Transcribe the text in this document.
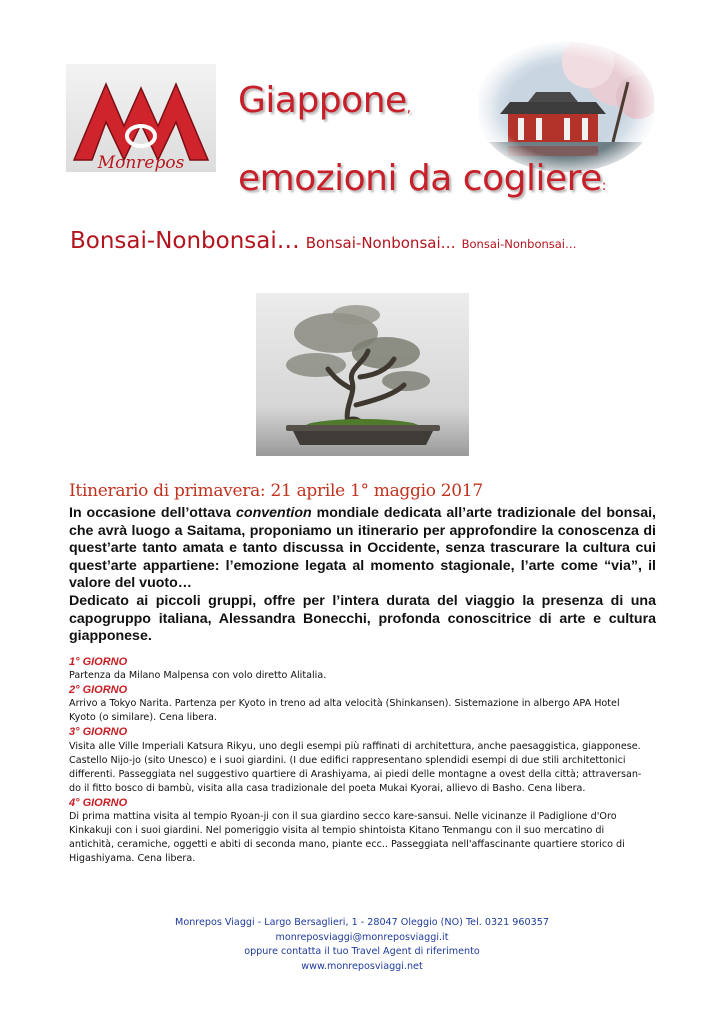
Monrepos
Giappone,
emozioni da cogliere:
Bonsai-Nonbonsai… Bonsai-Nonbonsai… Bonsai-Nonbonsai…
Itinerario di primavera: 21 aprile 1° maggio 2017

In occasione dell’ottava convention mondiale dedicata all’arte tradizionale del bonsai, che avrà luogo a Saitama, proponiamo un itinerario per approfondire la conoscenza di quest’arte tanto amata e tanto discussa in Occidente, senza trascurare la cultura cui quest’arte appartiene: l’emozione legata al momento stagionale, l’arte come “via”, il valore del vuoto…

Dedicato ai piccoli gruppi, offre per l’intera durata del viaggio la presenza di una capogruppo italiana, Alessandra Bonecchi, profonda conoscitrice di arte e cultura giapponese.

1° GIORNO
Partenza da Milano Malpensa con volo diretto Alitalia.
2° GIORNO
Arrivo a Tokyo Narita. Partenza per Kyoto in treno ad alta velocità (Shinkansen). Sistemazione in albergo APA Hotel
Kyoto (o similare). Cena libera.
3° GIORNO
Visita alle Ville Imperiali Katsura Rikyu, uno degli esempi più raffinati di architettura, anche paesaggistica, giapponese.
Castello Nijo-jo (sito Unesco) e i suoi giardini. (I due edifici rappresentano splendidi esempi di due stili architettonici
differenti. Passeggiata nel suggestivo quartiere di Arashiyama, ai piedi delle montagne a ovest della città; attraversan-
do il fitto bosco di bambù, visita alla casa tradizionale del poeta Mukai Kyorai, allievo di Basho. Cena libera.
4° GIORNO
Di prima mattina visita al tempio Ryoan-ji con il sua giardino secco kare-sansui. Nelle vicinanze il Padiglione d'Oro
Kinkakuji con i suoi giardini. Nel pomeriggio visita al tempio shintoista Kitano Tenmangu con il suo mercatino di
antichità, ceramiche, oggetti e abiti di seconda mano, piante ecc.. Passeggiata nell'affascinante quartiere storico di
Higashiyama. Cena libera.
Monrepos Viaggi - Largo Bersaglieri, 1 - 28047 Oleggio (NO) Tel. 0321 960357
monreposviaggi@monreposviaggi.it
oppure contatta il tuo Travel Agent di riferimento
www.monreposviaggi.net
